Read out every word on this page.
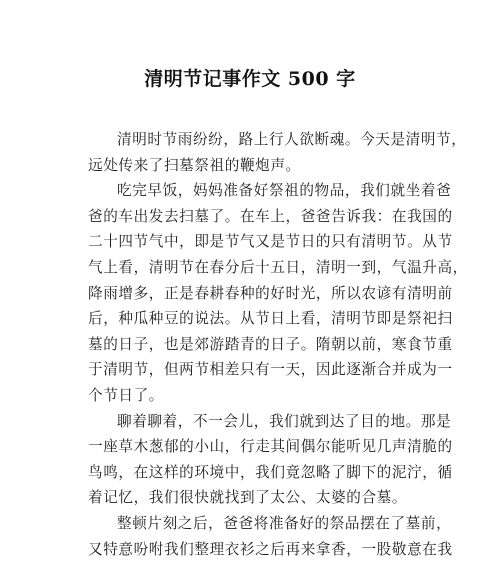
清明节记事作文 500 字

清明时节雨纷纷，路上行人欲断魂。今天是清明节，
远处传来了扫墓祭祖的鞭炮声。

吃完早饭，妈妈准备好祭祖的物品，我们就坐着爸
爸的车出发去扫墓了。在车上，爸爸告诉我：在我国的
二十四节气中，即是节气又是节日的只有清明节。从节
气上看，清明节在春分后十五日，清明一到，气温升高，
降雨增多，正是春耕春种的好时光，所以农谚有清明前
后，种瓜种豆的说法。从节日上看，清明节即是祭祀扫
墓的日子，也是郊游踏青的日子。隋朝以前，寒食节重
于清明节，但两节相差只有一天，因此逐渐合并成为一
个节日了。

聊着聊着，不一会儿，我们就到达了目的地。那是
一座草木葱郁的小山，行走其间偶尔能听见几声清脆的
鸟鸣，在这样的环境中，我们竟忽略了脚下的泥泞，循
着记忆，我们很快就找到了太公、太婆的合墓。

整顿片刻之后，爸爸将准备好的祭品摆在了墓前，
又特意吩咐我们整理衣衫之后再来拿香，一股敬意在我
